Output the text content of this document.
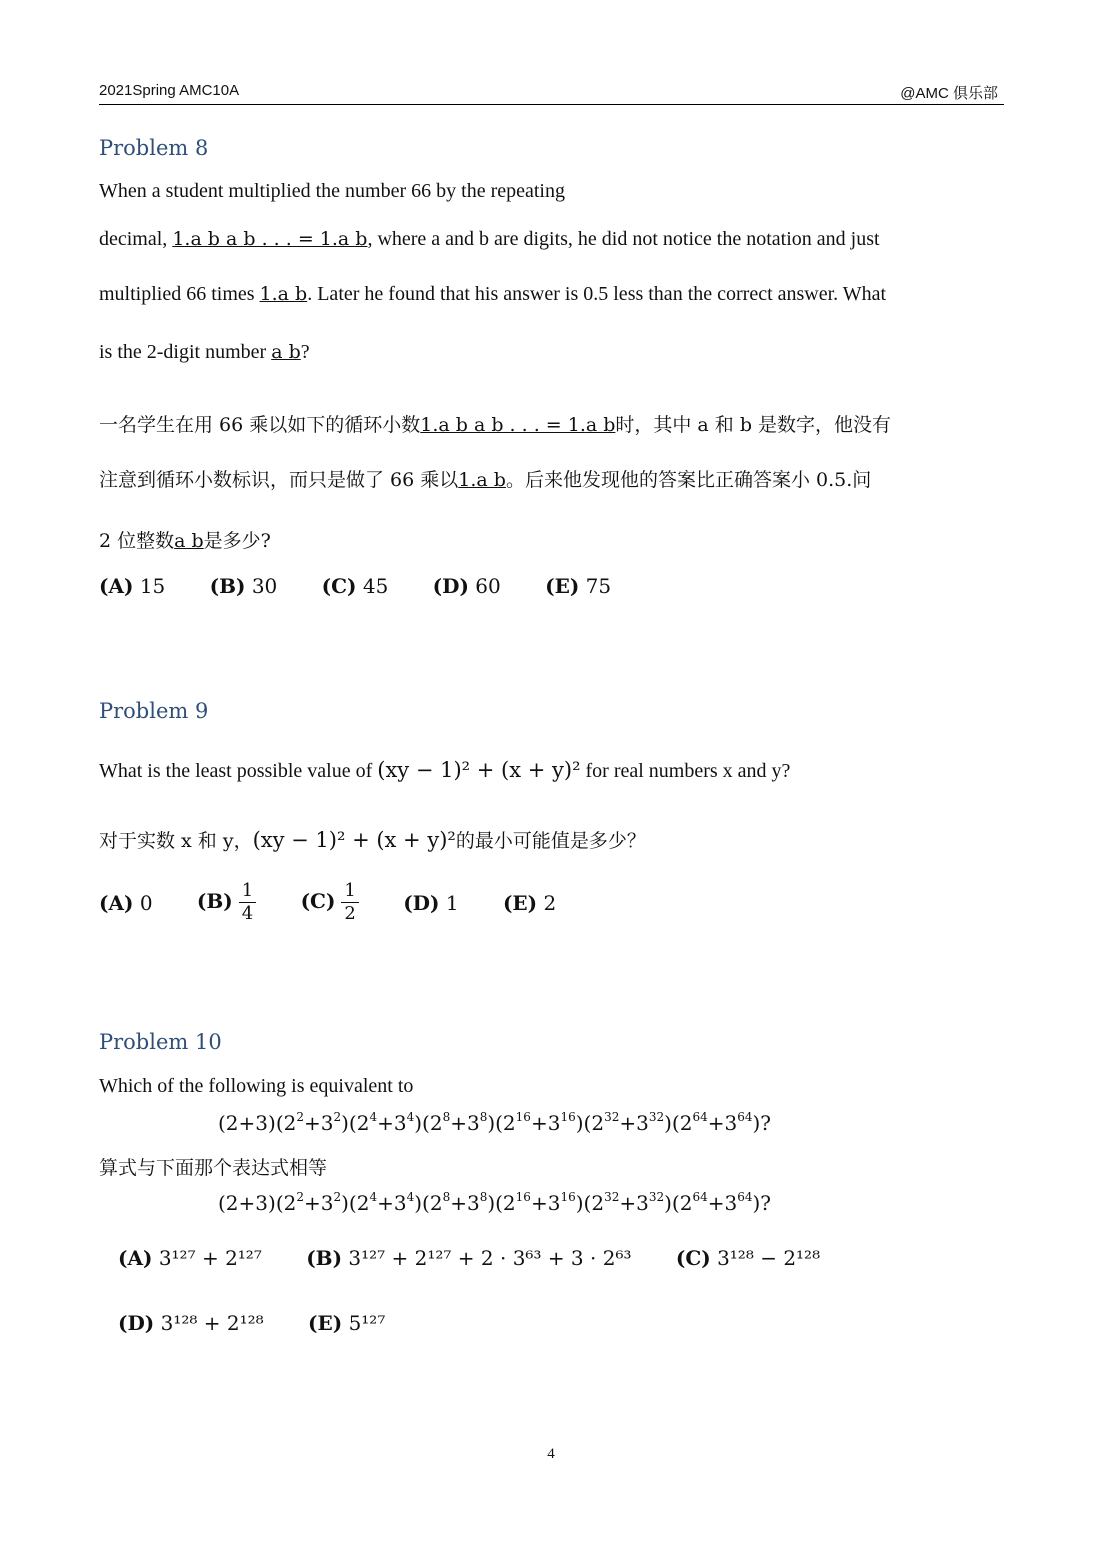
2021Spring AMC10A	@AMC 俱乐部
Problem 8
When a student multiplied the number 66 by the repeating
decimal, 1.a b a b . . . = 1.a b, where a and b are digits, he did not notice the notation and just
multiplied 66 times 1.a b. Later he found that his answer is 0.5 less than the correct answer. What
is the 2-digit number a b?
一名学生在用 66 乘以如下的循环小数1.a b a b . . . = 1.a b时，其中 a 和 b 是数字，他没有
注意到循环小数标识，而只是做了 66 乘以1.a b。后来他发现他的答案比正确答案小 0.5.问
2 位整数a b是多少?
(A) 15 (B) 30 (C) 45 (D) 60 (E) 75
Problem 9
What is the least possible value of (xy − 1)² + (x + y)² for real numbers x and y?
对于实数 x 和 y，(xy − 1)² + (x + y)²的最小可能值是多少？
(A) 0 $(B) \frac{1}{4} (C) \frac{1}{2} (D)$ 1 (E) 2
Problem 10
Which of the following is equivalent to
$(2+3)(2^2+3^2)(2^4+3^4)(2^8+3^8)(2^{16}+3^{16})(2^{32}+3^{32})(2^{64}+3^{64})$?
算式与下面那个表达式相等
$(2+3)(2^2+3^2)(2^4+3^4)(2^8+3^8)(2^{16}+3^{16})(2^{32}+3^{32})(2^{64}+3^{64})$?
(A) 3¹²⁷ + 2¹²⁷ (B) 3¹²⁷ + 2¹²⁷ + 2 · 3⁶³ + 3 · 2⁶³ (C) 3¹²⁸ − 2¹²⁸
(D) 3¹²⁸ + 2¹²⁸ (E) 5¹²⁷
4
